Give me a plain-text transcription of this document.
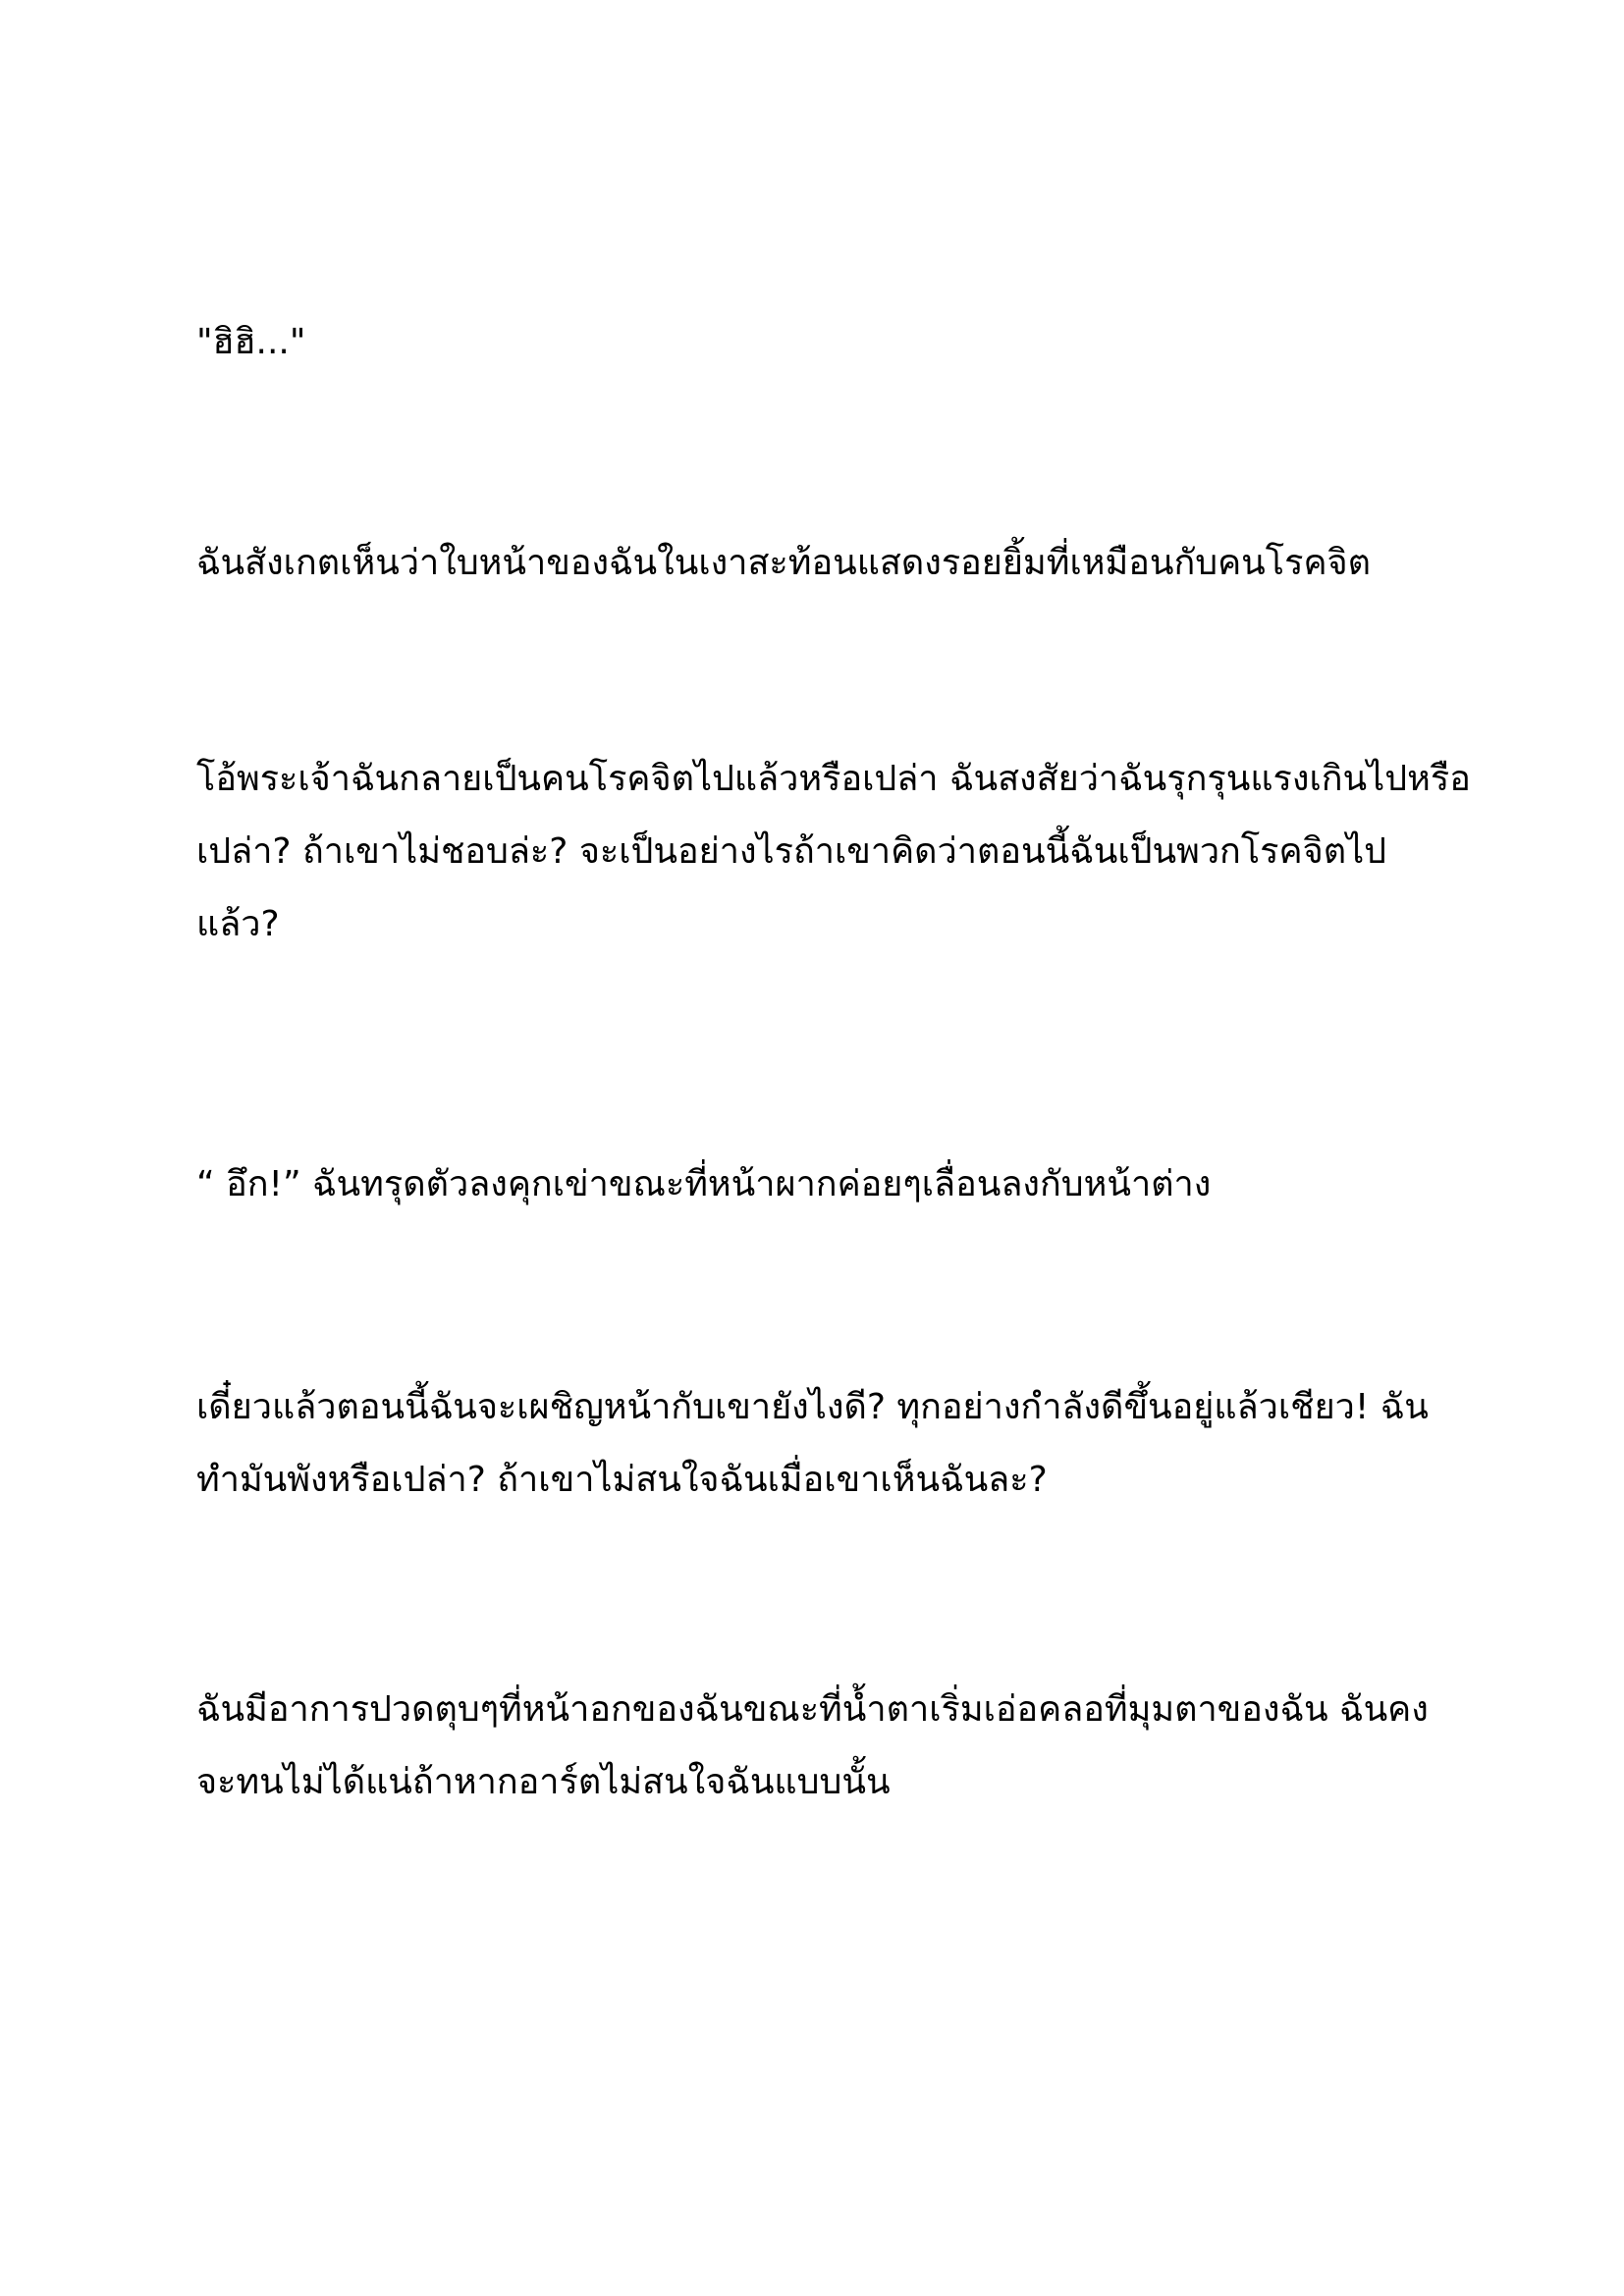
"ฮิฮิ..."

ฉันสังเกตเห็นว่าใบหน้าของฉันในเงาสะท้อนแสดงรอยยิ้มที่เหมือนกับคนโรคจิต

โอ้พระเจ้าฉันกลายเป็นคนโรคจิตไปแล้วหรือเปล่า ฉันสงสัยว่าฉันรุกรุนแรงเกินไปหรือ
เปล่า? ถ้าเขาไม่ชอบล่ะ? จะเป็นอย่างไรถ้าเขาคิดว่าตอนนี้ฉันเป็นพวกโรคจิตไป
แล้ว?

“ อึก!” ฉันทรุดตัวลงคุกเข่าขณะที่หน้าผากค่อยๆเลื่อนลงกับหน้าต่าง

เดี๋ยวแล้วตอนนี้ฉันจะเผชิญหน้ากับเขายังไงดี? ทุกอย่างกำลังดีขึ้นอยู่แล้วเชียว! ฉัน
ทำมันพังหรือเปล่า? ถ้าเขาไม่สนใจฉันเมื่อเขาเห็นฉันละ?

ฉันมีอาการปวดตุบๆที่หน้าอกของฉันขณะที่น้ำตาเริ่มเอ่อคลอที่มุมตาของฉัน ฉันคง
จะทนไม่ได้แน่ถ้าหากอาร์ตไม่สนใจฉันแบบนั้น
